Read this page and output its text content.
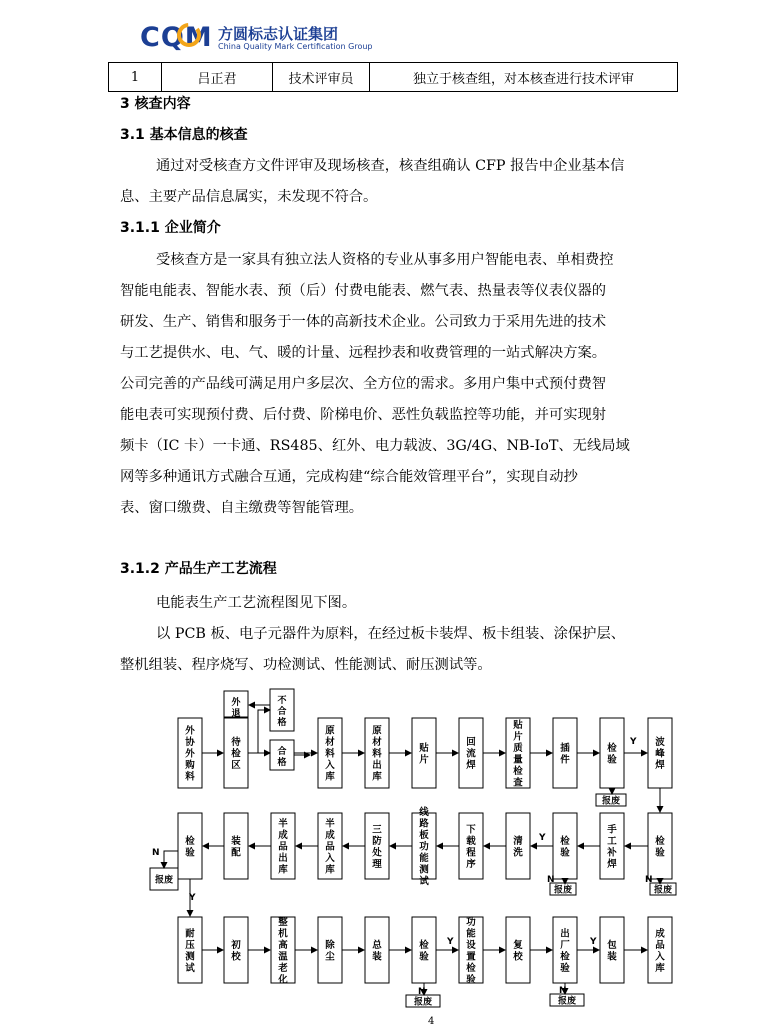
CQM 方圆标志认证集团
China Quality Mark Certification Group
1	吕正君	技术评审员	独立于核查组，对本核查进行技术评审
3 核查内容
3.1 基本信息的核查
通过对受核查方文件评审及现场核查，核查组确认 CFP 报告中企业基本信
息、主要产品信息属实，未发现不符合。
3.1.1 企业简介
受核查方是一家具有独立法人资格的专业从事多用户智能电表、单相费控
智能电能表、智能水表、预（后）付费电能表、燃气表、热量表等仪表仪器的
研发、生产、销售和服务于一体的高新技术企业。公司致力于采用先进的技术
与工艺提供水、电、气、暖的计量、远程抄表和收费管理的一站式解决方案。
公司完善的产品线可满足用户多层次、全方位的需求。多用户集中式预付费智
能电表可实现预付费、后付费、阶梯电价、恶性负载监控等功能，并可实现射
频卡（IC 卡）一卡通、RS485、红外、电力载波、3G/4G、NB-IoT、无线局域
网等多种通讯方式融合互通，完成构建“综合能效管理平台”，实现自动抄
表、窗口缴费、自主缴费等智能管理。
3.1.2 产品生产工艺流程
电能表生产工艺流程图见下图。
以 PCB 板、电子元器件为原料，在经过板卡装焊、板卡组装、涂保护层、
整机组装、程序烧写、功检测试、性能测试、耐压测试等。
外
协
外
购
料
待
检
区
原
材
料
入
库
原
材
料
出
库
贴
片
回
流
焊
贴
片
质
量
检
查
插
件
检
验
波
峰
焊
Y
外
退
不
合
格
合
格
报废
检
验
装
配
半
成
品
出
库
半
成
品
入
库
三
防
处
理
线
路
板
功
能
测
试
下
载
程
序
清
洗
检
验
手
工
补
焊
检
验
Y
N
报废
报废	报废
N	N
Y
耐
压
测
试
初
校
整
机
高
温
老
化
除
尘
总
装
检
验
功
能
设
置
检
验
复
校
出
厂
检
验
包
装
成
品
入
库
Y	Y
报废
N
报废
N
4
